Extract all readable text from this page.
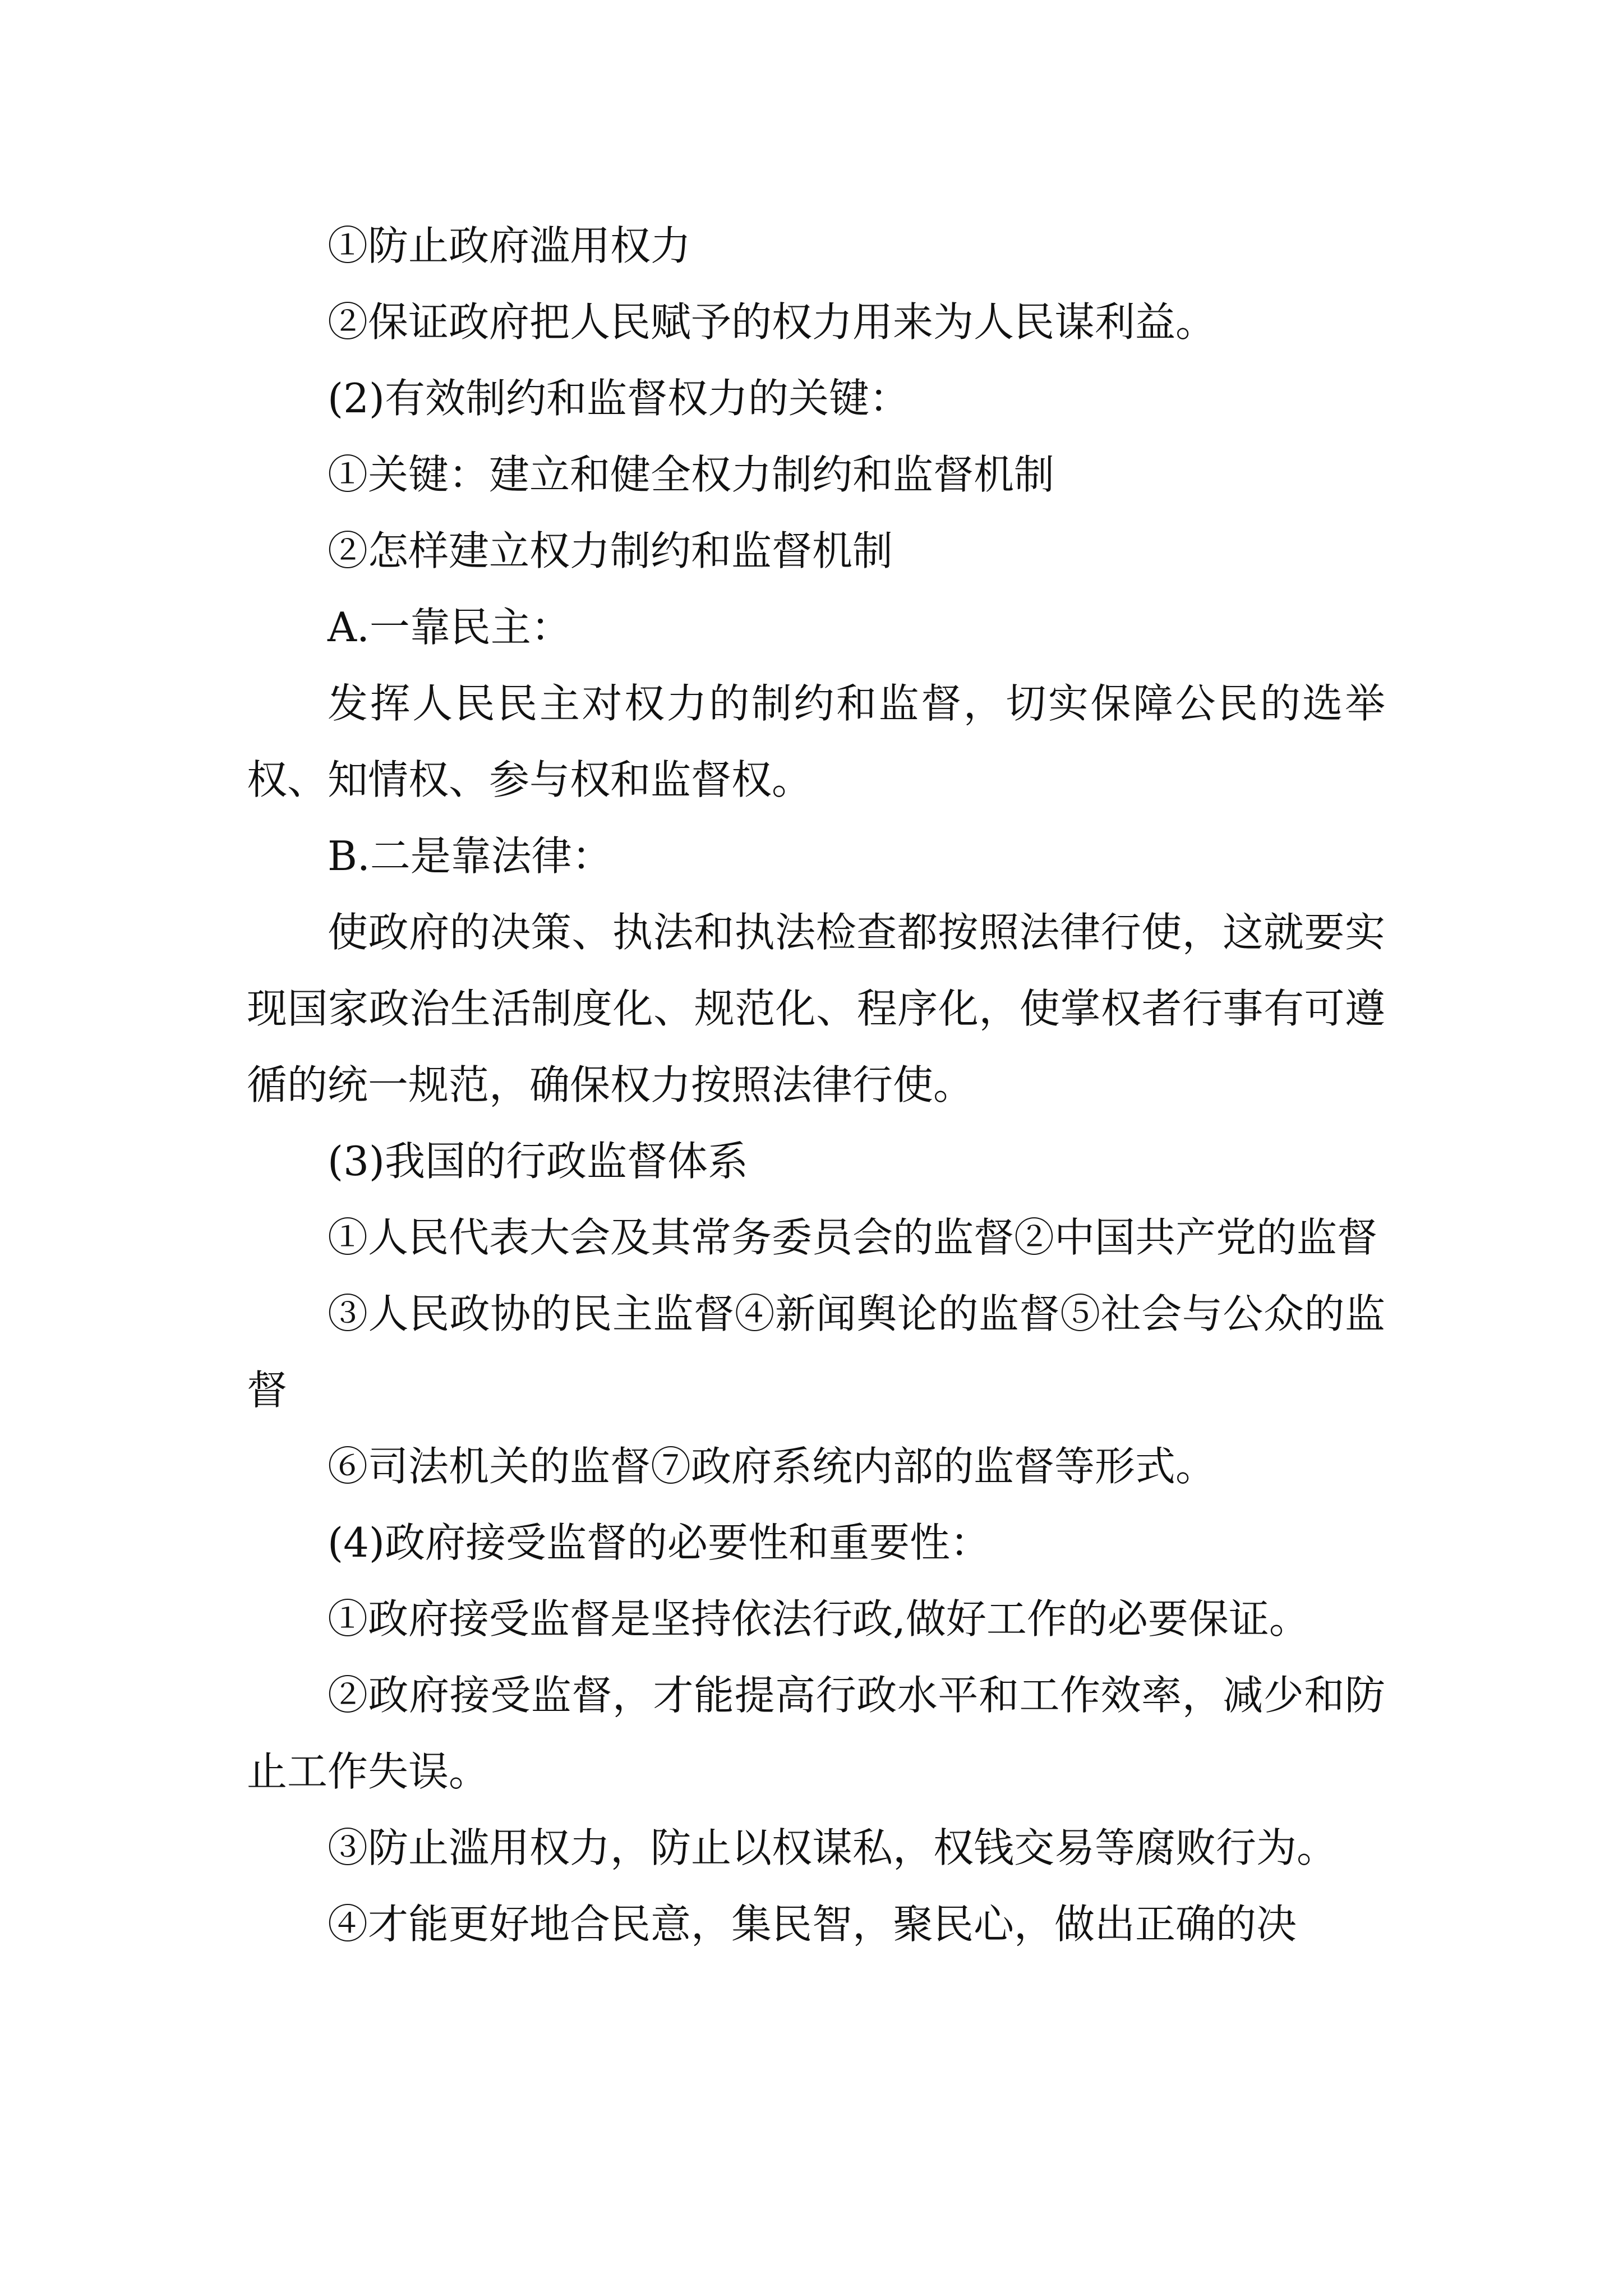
①防止政府滥用权力

②保证政府把人民赋予的权力用来为人民谋利益。

(2)有效制约和监督权力的关键：

①关键：建立和健全权力制约和监督机制

②怎样建立权力制约和监督机制

A.一靠民主：

发挥人民民主对权力的制约和监督，切实保障公民的选举权、知情权、参与权和监督权。

B.二是靠法律：

使政府的决策、执法和执法检查都按照法律行使，这就要实现国家政治生活制度化、规范化、程序化，使掌权者行事有可遵循的统一规范，确保权力按照法律行使。

(3)我国的行政监督体系

①人民代表大会及其常务委员会的监督②中国共产党的监督

③人民政协的民主监督④新闻舆论的监督⑤社会与公众的监督

⑥司法机关的监督⑦政府系统内部的监督等形式。

(4)政府接受监督的必要性和重要性：

①政府接受监督是坚持依法行政,做好工作的必要保证。

②政府接受监督，才能提高行政水平和工作效率，减少和防止工作失误。

③防止滥用权力，防止以权谋私，权钱交易等腐败行为。

④才能更好地合民意，集民智，聚民心，做出正确的决
